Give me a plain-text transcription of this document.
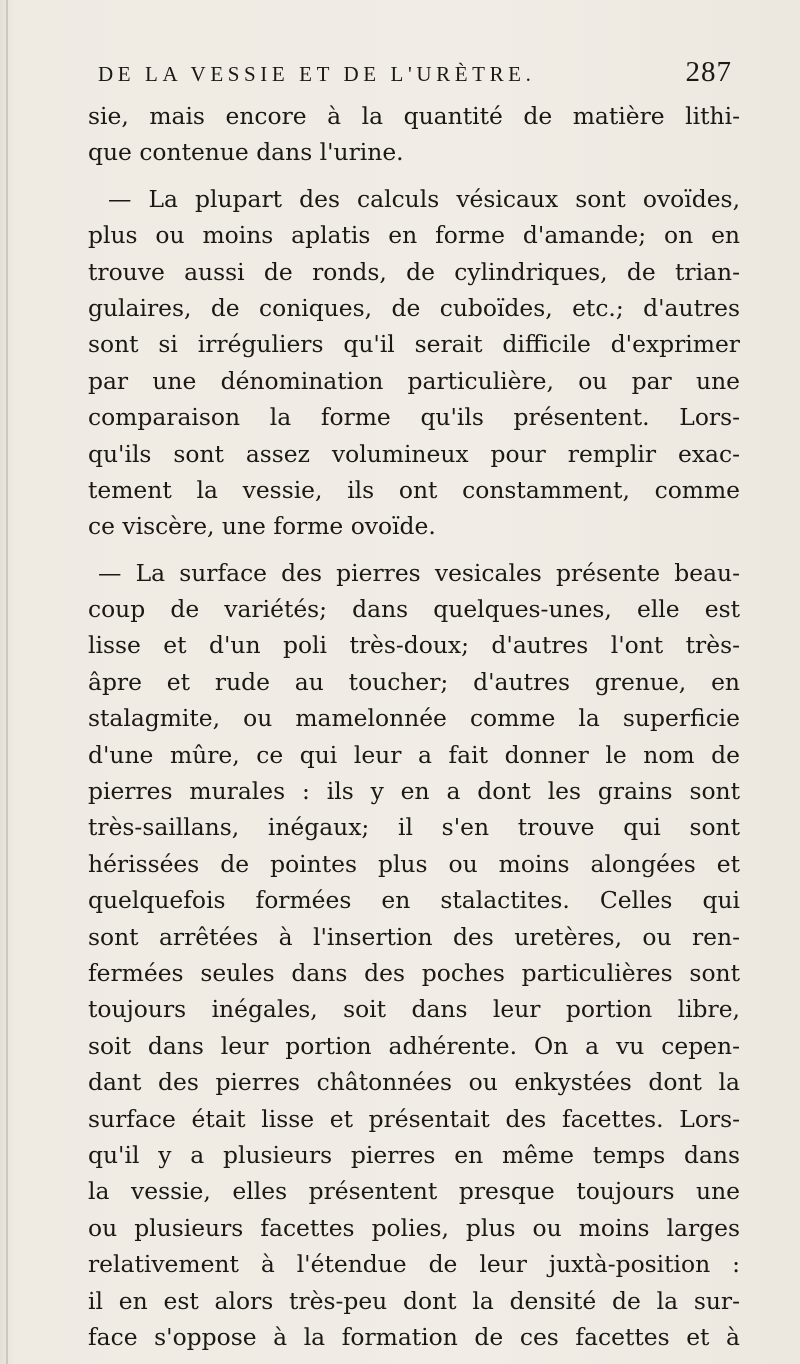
DE LA VESSIE ET DE L'URÈTRE.	287
sie, mais encore à la quantité de matière lithi-
que contenue dans l'urine.
— La plupart des calculs vésicaux sont ovoïdes,
plus ou moins aplatis en forme d'amande; on en
trouve aussi de ronds, de cylindriques, de trian-
gulaires, de coniques, de cuboïdes, etc.; d'autres
sont si irréguliers qu'il serait difficile d'exprimer
par une dénomination particulière, ou par une
comparaison la forme qu'ils présentent. Lors-
qu'ils sont assez volumineux pour remplir exac-
tement la vessie, ils ont constamment, comme
ce viscère, une forme ovoïde.
— La surface des pierres vesicales présente beau-
coup de variétés; dans quelques-unes, elle est
lisse et d'un poli très-doux; d'autres l'ont très-
âpre et rude au toucher; d'autres grenue, en
stalagmite, ou mamelonnée comme la superficie
d'une mûre, ce qui leur a fait donner le nom de
pierres murales : ils y en a dont les grains sont
très-saillans, inégaux; il s'en trouve qui sont
hérissées de pointes plus ou moins alongées et
quelquefois formées en stalactites. Celles qui
sont arrêtées à l'insertion des uretères, ou ren-
fermées seules dans des poches particulières sont
toujours inégales, soit dans leur portion libre,
soit dans leur portion adhérente. On a vu cepen-
dant des pierres châtonnées ou enkystées dont la
surface était lisse et présentait des facettes. Lors-
qu'il y a plusieurs pierres en même temps dans
la vessie, elles présentent presque toujours une
ou plusieurs facettes polies, plus ou moins larges
relativement à l'étendue de leur juxtà-position :
il en est alors très-peu dont la densité de la sur-
face s'oppose à la formation de ces facettes et à
